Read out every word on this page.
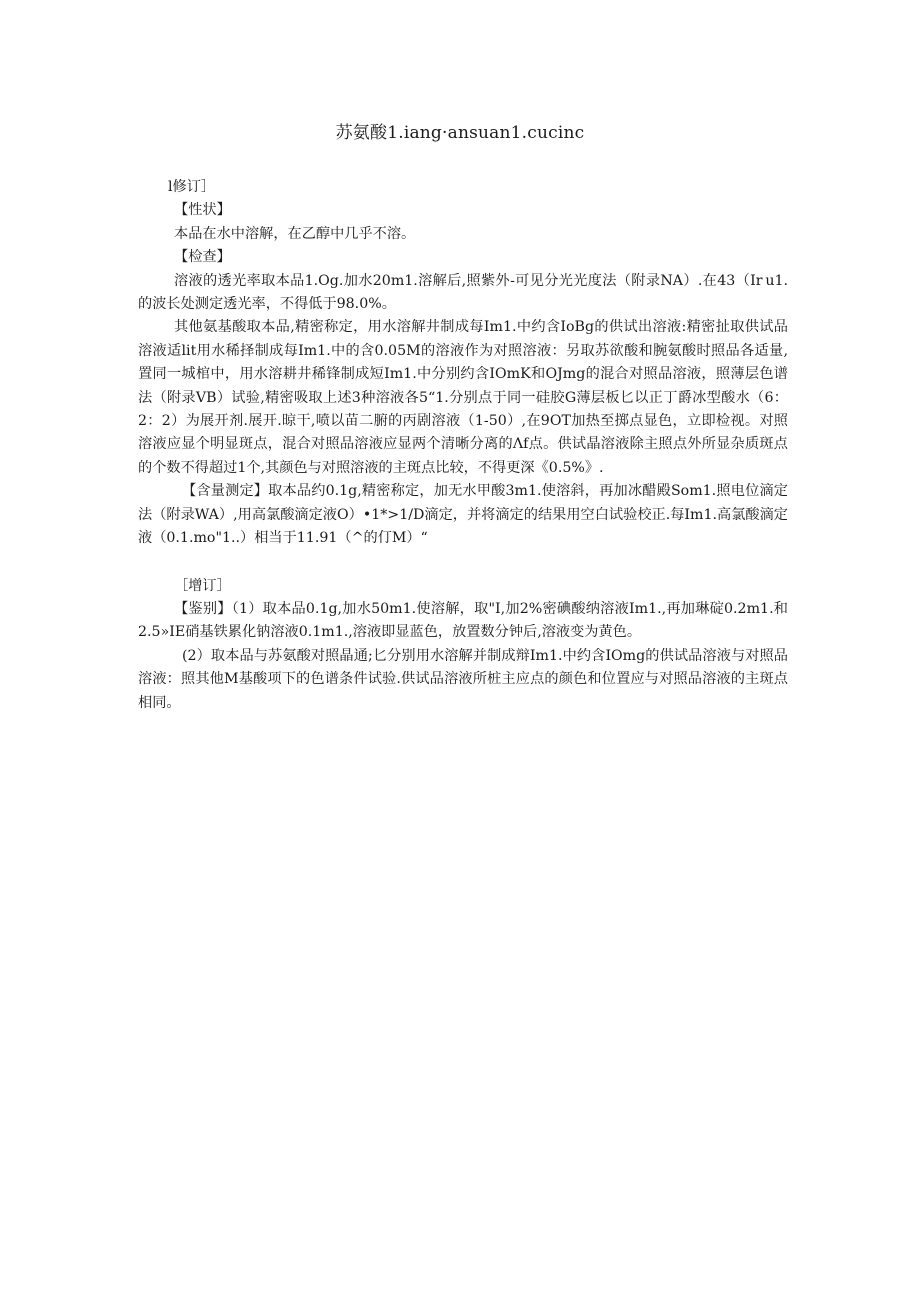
苏氨酸1.iang·ansuan1.cucinc

l修订］

【性状】

本品在水中溶解，在乙醇中几乎不溶。

【检查】

溶液的透光率取本品1.Og.加水20m1.溶解后,照紫外-可见分光光度法（附录NA）.在43（Ir u1.的波长处测定透光率，不得低于98.0%。

其他氨基酸取本品,精密称定，用水溶解井制成每Im1.中约含IoBg的供试出溶液:精密扯取供试品溶液适lit用水稀择制成每Im1.中的含0.05M的溶液作为对照溶液：另取苏欲酸和腕氨酸时照品各适量,置同一城棺中，用水溶耕井稀锋制成短Im1.中分别约含IOmK和OJmg的混合对照品溶液，照薄层色谱法（附录VB）试验,精密吸取上述3种溶液各5“1.分别点于同一硅胶G薄层板匕以正丁爵冰型酸水（6：2：2）为展开剂.展开.晾干,喷以苗二腑的丙剧溶液（1-50）,在9OT加热至掷点显色，立即检视。对照溶液应显个明显斑点，混合对照品溶液应显两个清晰分离的Λf点。供试晶溶液除主照点外所显杂质斑点的个数不得超过1个,其颜色与对照溶液的主斑点比较，不得更深《0.5%》.

【含量测定】取本品约0.1g,精密称定，加无水甲酸3m1.使溶斜，再加冰醋殿Som1.照电位滴定法（附录WA）,用高氯酸滴定液O）•1*>1/D滴定，并将滴定的结果用空白试验校正.每Im1.高氯酸滴定液（0.1.mo"1..）相当于11.91（^的仃M）“

［增订］

【鉴别】（1）取本品0.1g,加水50m1.使溶解，取"I,加2%密碘酸纳溶液Im1.,再加琳碇0.2m1.和2.5»IE硝基铁累化钠溶液0.1m1.,溶液即显蓝色，放置数分钟后,溶液变为黄色。

(2）取本品与苏氨酸对照晶通;匕分别用水溶解并制成辩Im1.中约含IOmg的供试品溶液与对照品溶液：照其他M基酸项下的色谱条件试验.供试品溶液所桩主应点的颜色和位置应与对照品溶液的主斑点相同。
